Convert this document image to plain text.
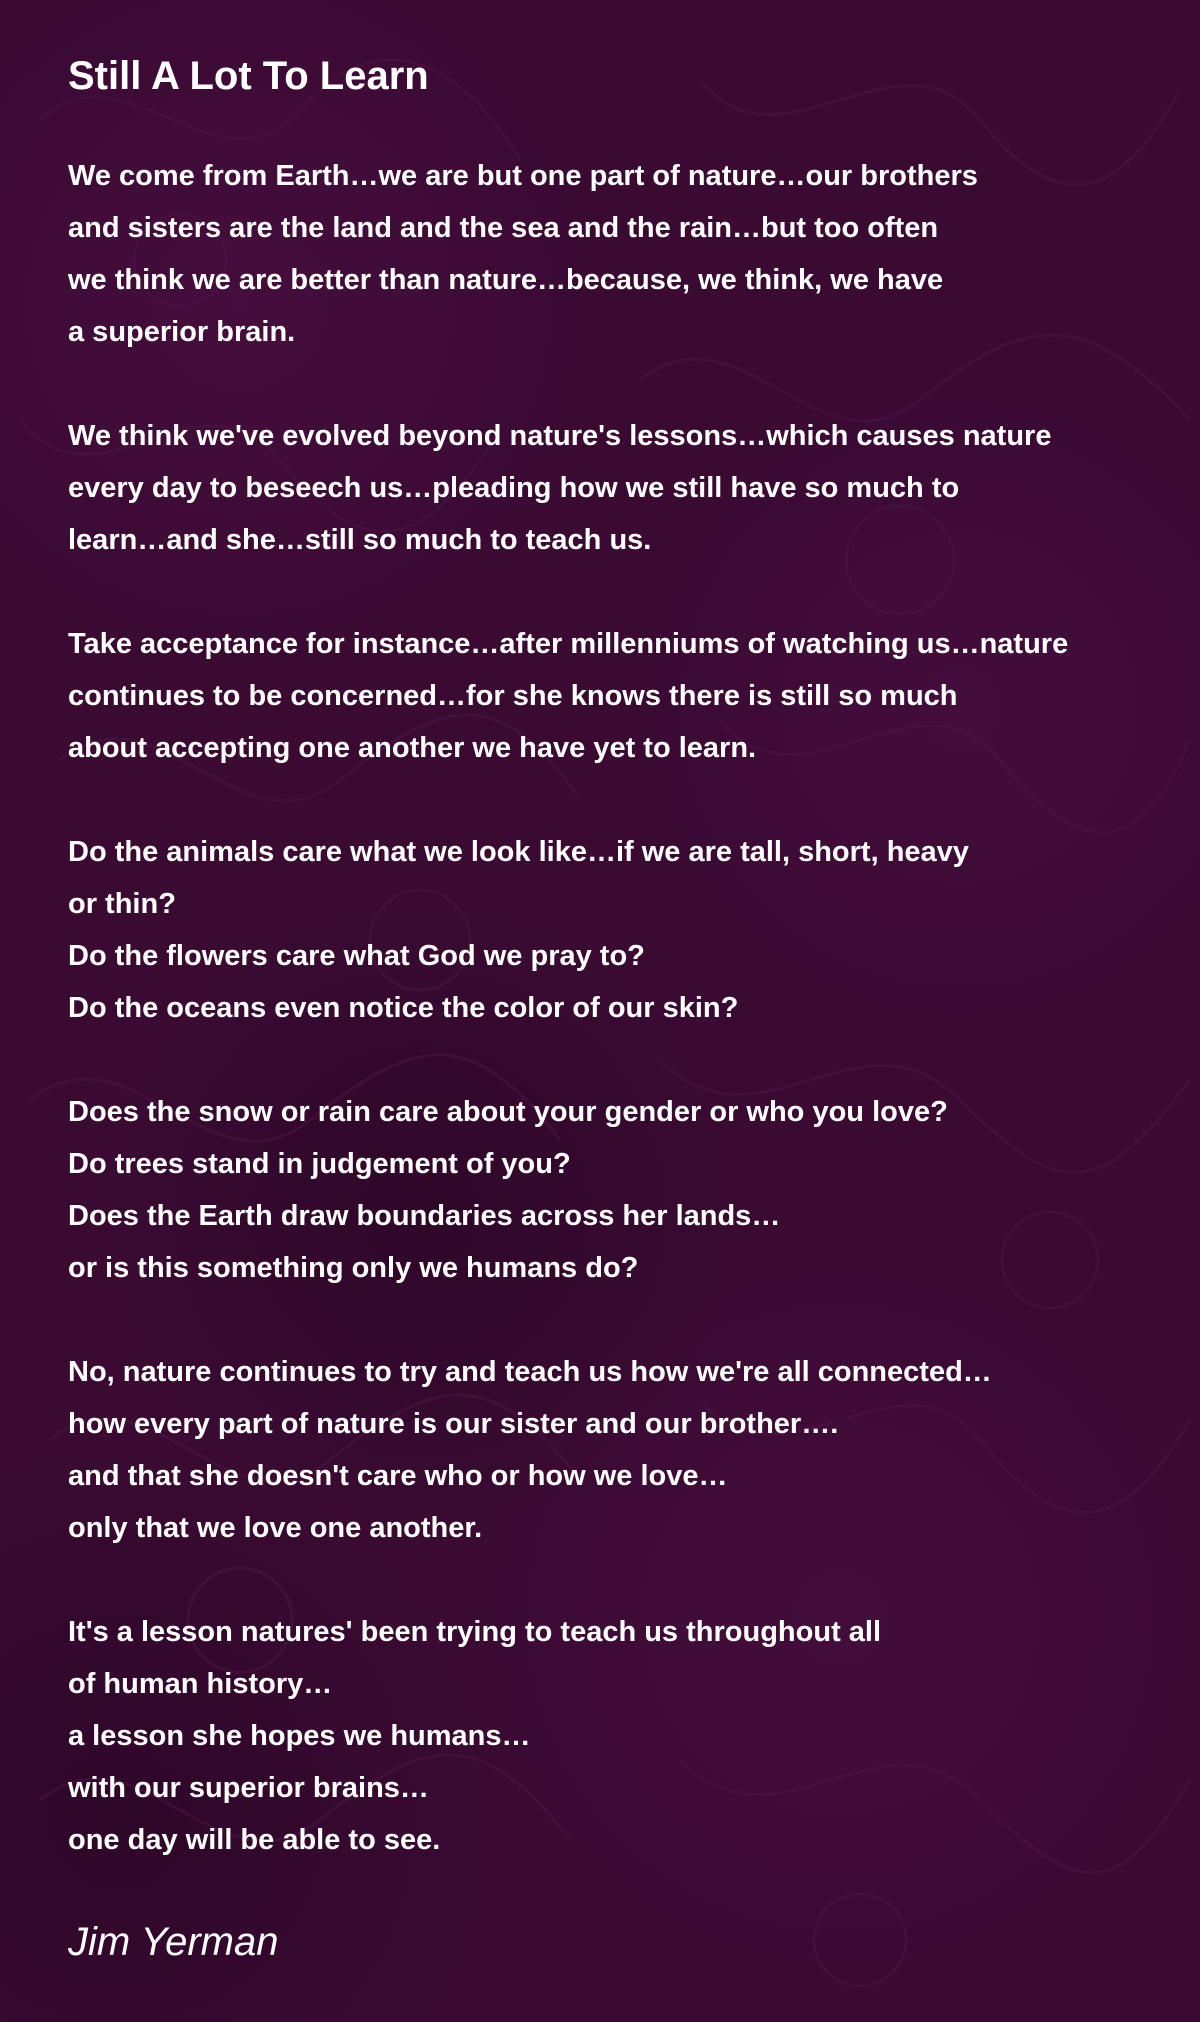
Still A Lot To Learn
We come from Earth…we are but one part of nature…our brothers
and sisters are the land and the sea and the rain…but too often
we think we are better than nature…because, we think, we have
a superior brain.
We think we've evolved beyond nature's lessons…which causes nature
every day to beseech us…pleading how we still have so much to
learn…and she…still so much to teach us.
Take acceptance for instance…after millenniums of watching us…nature
continues to be concerned…for she knows there is still so much
about accepting one another we have yet to learn.
Do the animals care what we look like…if we are tall, short, heavy
or thin?
Do the flowers care what God we pray to?
Do the oceans even notice the color of our skin?
Does the snow or rain care about your gender or who you love?
Do trees stand in judgement of you?
Does the Earth draw boundaries across her lands…
or is this something only we humans do?
No, nature continues to try and teach us how we're all connected…
how every part of nature is our sister and our brother….
and that she doesn't care who or how we love…
only that we love one another.
It's a lesson natures' been trying to teach us throughout all
of human history…
a lesson she hopes we humans…
with our superior brains…
one day will be able to see.
Jim Yerman
